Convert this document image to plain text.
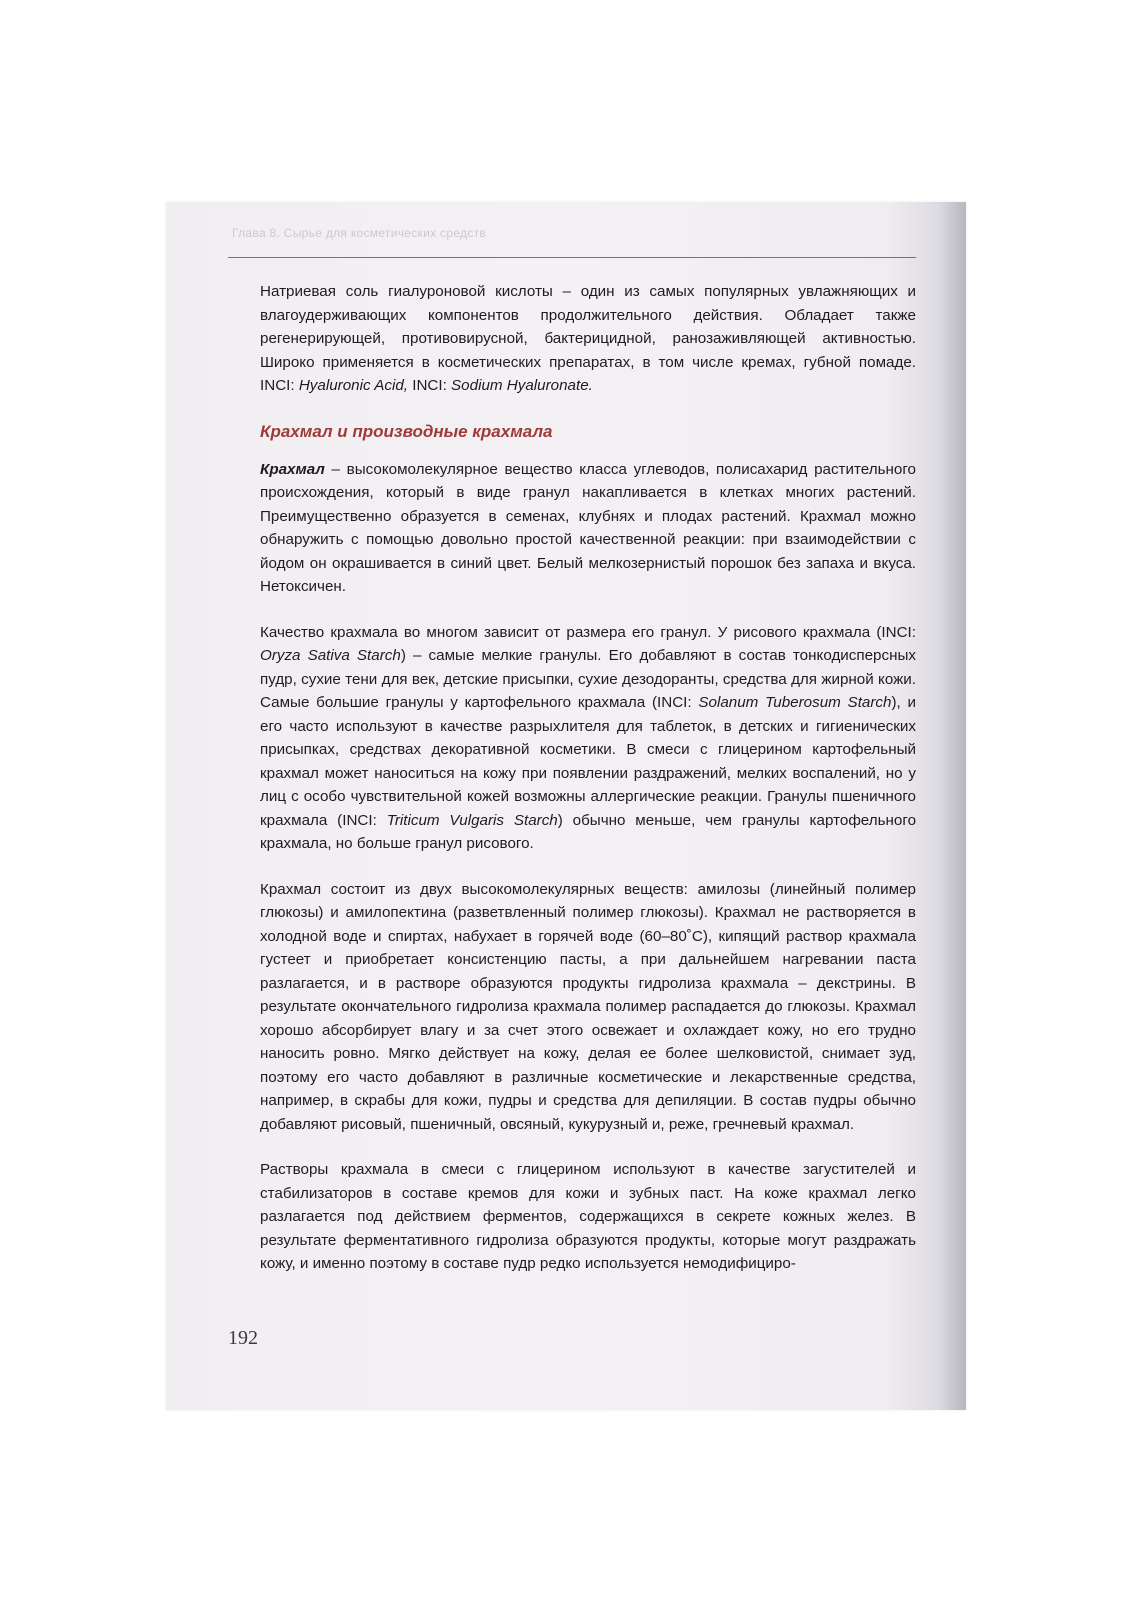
Глава 8. Сырье для косметических средств

Натриевая соль гиалуроновой кислоты – один из самых популярных увлажняющих и влагоудерживающих компонентов продолжительного действия. Обладает также регенерирующей, противовирусной, бактерицидной, ранозаживляющей активностью. Широко применяется в косметических препаратах, в том числе кремах, губной помаде. INCI: Hyaluronic Acid, INCI: Sodium Hyaluronate.

Крахмал и производные крахмала

Крахмал – высокомолекулярное вещество класса углеводов, полисахарид растительного происхождения, который в виде гранул накапливается в клетках многих растений. Преимущественно образуется в семенах, клубнях и плодах растений. Крахмал можно обнаружить с помощью довольно простой качественной реакции: при взаимодействии с йодом он окрашивается в синий цвет. Белый мелкозернистый порошок без запаха и вкуса. Нетоксичен.

Качество крахмала во многом зависит от размера его гранул. У рисового крахмала (INCI: Oryza Sativa Starch) – самые мелкие гранулы. Его добавляют в состав тонкодисперсных пудр, сухие тени для век, детские присыпки, сухие дезодоранты, средства для жирной кожи. Самые большие гранулы у картофельного крахмала (INCI: Solanum Tuberosum Starch), и его часто используют в качестве разрыхлителя для таблеток, в детских и гигиенических присыпках, средствах декоративной косметики. В смеси с глицерином картофельный крахмал может наноситься на кожу при появлении раздражений, мелких воспалений, но у лиц с особо чувствительной кожей возможны аллергические реакции. Гранулы пшеничного крахмала (INCI: Triticum Vulgaris Starch) обычно меньше, чем гранулы картофельного крахмала, но больше гранул рисового.

Крахмал состоит из двух высокомолекулярных веществ: амилозы (линейный полимер глюкозы) и амилопектина (разветвленный полимер глюкозы). Крахмал не растворяется в холодной воде и спиртах, набухает в горячей воде (60–80˚С), кипящий раствор крахмала густеет и приобретает консистенцию пасты, а при дальнейшем нагревании паста разлагается, и в растворе образуются продукты гидролиза крахмала – декстрины. В результате окончательного гидролиза крахмала полимер распадается до глюкозы. Крахмал хорошо абсорбирует влагу и за счет этого освежает и охлаждает кожу, но его трудно наносить ровно. Мягко действует на кожу, делая ее более шелковистой, снимает зуд, поэтому его часто добавляют в различные косметические и лекарственные средства, например, в скрабы для кожи, пудры и средства для депиляции. В состав пудры обычно добавляют рисовый, пшеничный, овсяный, кукурузный и, реже, гречневый крахмал.

Растворы крахмала в смеси с глицерином используют в качестве загустителей и стабилизаторов в составе кремов для кожи и зубных паст. На коже крахмал легко разлагается под действием ферментов, содержащихся в секрете кожных желез. В результате ферментативного гидролиза образуются продукты, которые могут раздражать кожу, и именно поэтому в составе пудр редко используется немодифициро-

192
